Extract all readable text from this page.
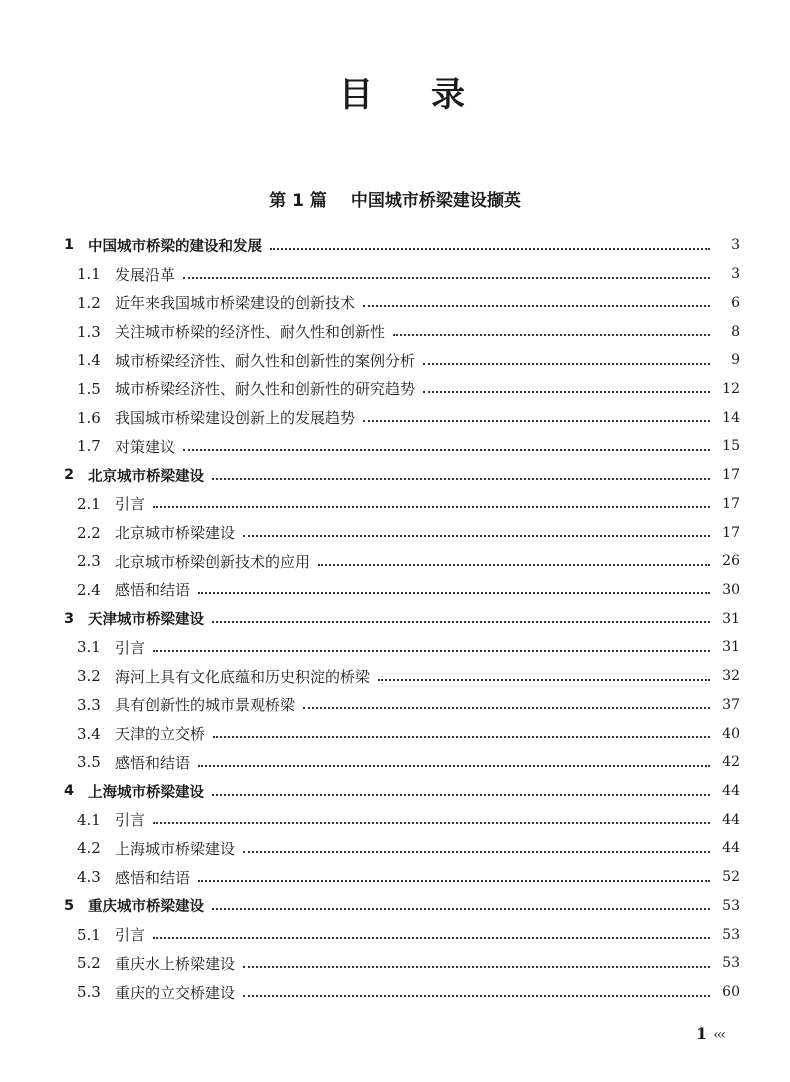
目 录
第 1 篇 中国城市桥梁建设撷英
1 中国城市桥梁的建设和发展	3
1.1 发展沿革	3
1.2 近年来我国城市桥梁建设的创新技术	6
1.3 关注城市桥梁的经济性、耐久性和创新性	8
1.4 城市桥梁经济性、耐久性和创新性的案例分析	9
1.5 城市桥梁经济性、耐久性和创新性的研究趋势	12
1.6 我国城市桥梁建设创新上的发展趋势	14
1.7 对策建议	15
2 北京城市桥梁建设	17
2.1 引言	17
2.2 北京城市桥梁建设	17
2.3 北京城市桥梁创新技术的应用	26
2.4 感悟和结语	30
3 天津城市桥梁建设	31
3.1 引言	31
3.2 海河上具有文化底蕴和历史积淀的桥梁	32
3.3 具有创新性的城市景观桥梁	37
3.4 天津的立交桥	40
3.5 感悟和结语	42
4 上海城市桥梁建设	44
4.1 引言	44
4.2 上海城市桥梁建设	44
4.3 感悟和结语	52
5 重庆城市桥梁建设	53
5.1 引言	53
5.2 重庆水上桥梁建设	53
5.3 重庆的立交桥建设	60
1 ‹‹‹
